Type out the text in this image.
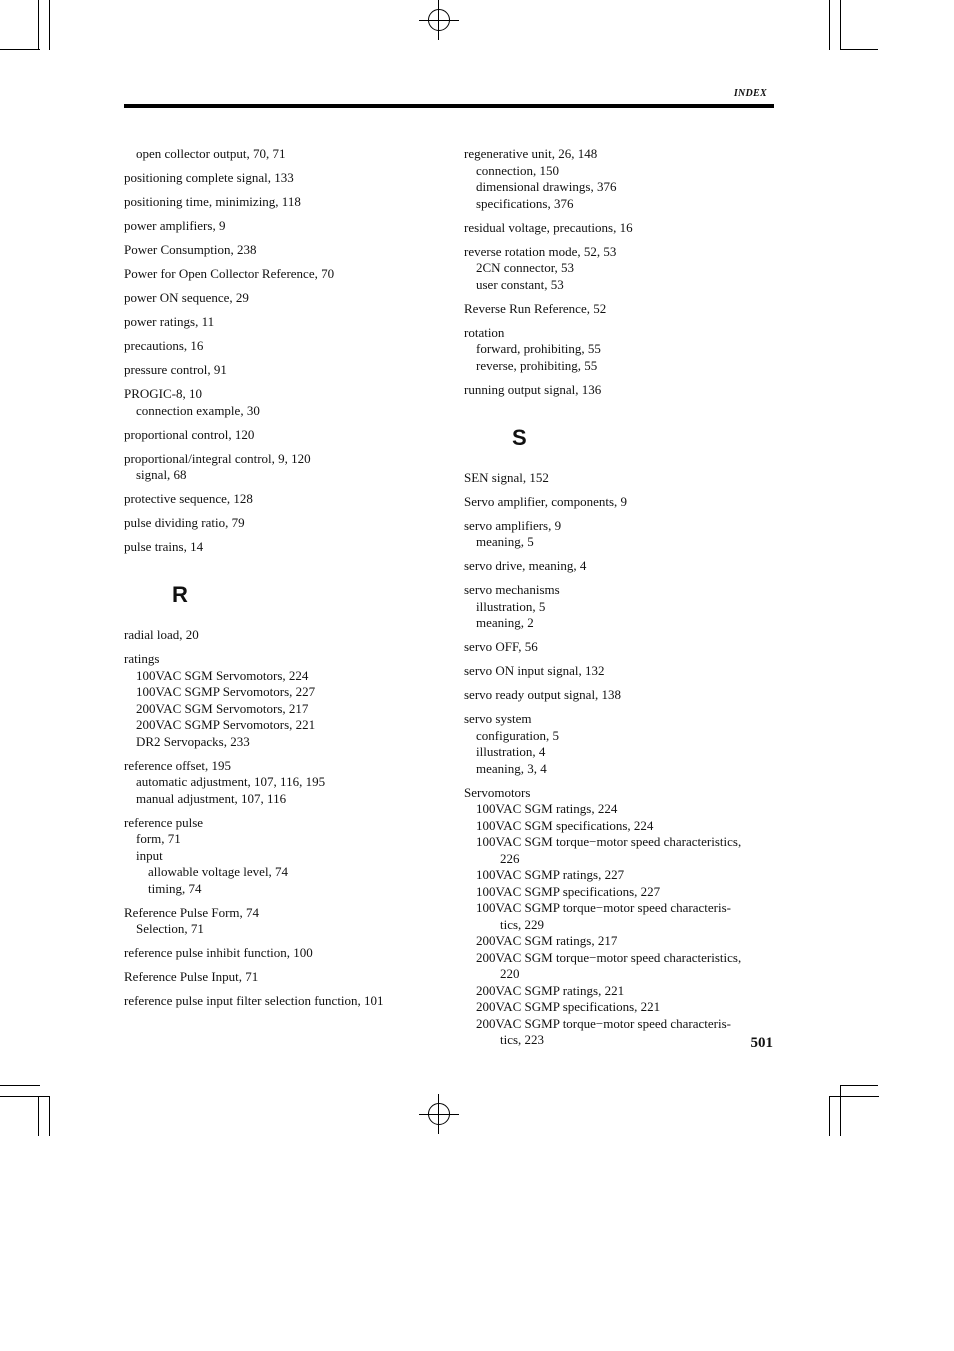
INDEX
open collector output, 70, 71
positioning complete signal, 133
positioning time, minimizing, 118
power amplifiers, 9
Power Consumption, 238
Power for Open Collector Reference, 70
power ON sequence, 29
power ratings, 11
precautions, 16
pressure control, 91
PROGIC-8, 10
connection example, 30
proportional control, 120
proportional/integral control, 9, 120
signal, 68
protective sequence, 128
pulse dividing ratio, 79
pulse trains, 14
R
radial load, 20
ratings
100VAC SGM Servomotors, 224
100VAC SGMP Servomotors, 227
200VAC SGM Servomotors, 217
200VAC SGMP Servomotors, 221
DR2 Servopacks, 233
reference offset, 195
automatic adjustment, 107, 116, 195
manual adjustment, 107, 116
reference pulse
form, 71
input
allowable voltage level, 74
timing, 74
Reference Pulse Form, 74
Selection, 71
reference pulse inhibit function, 100
Reference Pulse Input, 71
reference pulse input filter selection function, 101
regenerative unit, 26, 148
connection, 150
dimensional drawings, 376
specifications, 376
residual voltage, precautions, 16
reverse rotation mode, 52, 53
2CN connector, 53
user constant, 53
Reverse Run Reference, 52
rotation
forward, prohibiting, 55
reverse, prohibiting, 55
running output signal, 136
S
SEN signal, 152
Servo amplifier, components, 9
servo amplifiers, 9
meaning, 5
servo drive, meaning, 4
servo mechanisms
illustration, 5
meaning, 2
servo OFF, 56
servo ON input signal, 132
servo ready output signal, 138
servo system
configuration, 5
illustration, 4
meaning, 3, 4
Servomotors
100VAC SGM ratings, 224
100VAC SGM specifications, 224
100VAC SGM torque−motor speed characteristics,
226
100VAC SGMP ratings, 227
100VAC SGMP specifications, 227
100VAC SGMP torque−motor speed characteris-
tics, 229
200VAC SGM ratings, 217
200VAC SGM torque−motor speed characteristics,
220
200VAC SGMP ratings, 221
200VAC SGMP specifications, 221
200VAC SGMP torque−motor speed characteris-
tics, 223	501
